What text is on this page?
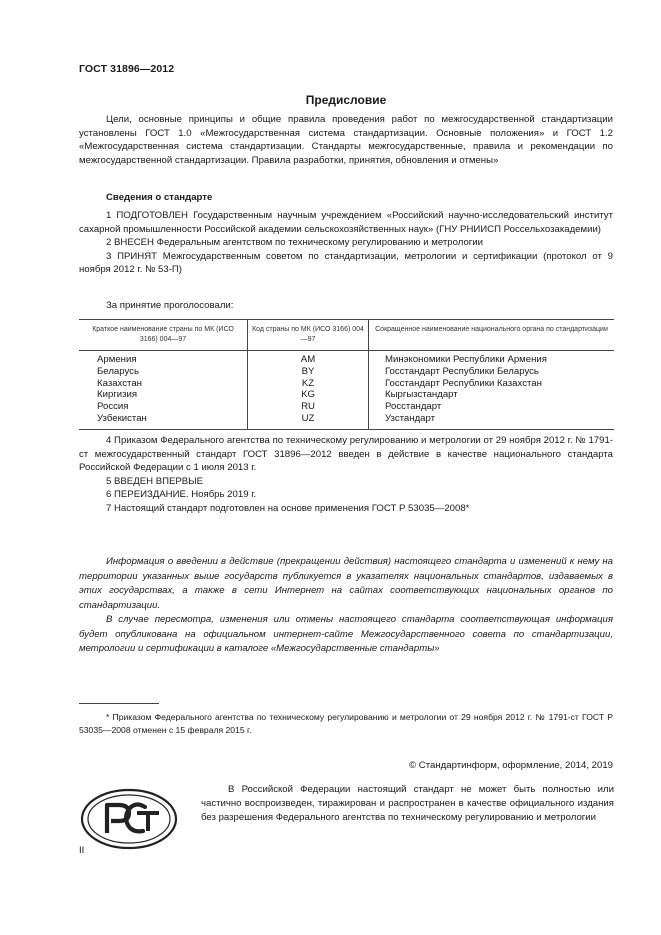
ГОСТ 31896—2012
Предисловие

Цели, основные принципы и общие правила проведения работ по межгосударственной стандартизации установлены ГОСТ 1.0 «Межгосударственная система стандартизации. Основные положения» и ГОСТ 1.2 «Межгосударственная система стандартизации. Стандарты межгосударственные, правила и рекомендации по межгосударственной стандартизации. Правила разработки, принятия, обновления и отмены»

Сведения о стандарте

1 ПОДГОТОВЛЕН Государственным научным учреждением «Российский научно-исследовательский институт сахарной промышленности Российской академии сельскохозяйственных наук» (ГНУ РНИИСП Россельхозакадемии)

2 ВНЕСЕН Федеральным агентством по техническому регулированию и метрологии

3 ПРИНЯТ Межгосударственным советом по стандартизации, метрологии и сертификации (протокол от 9 ноября 2012 г. № 53-П)

За принятие проголосовали:
Краткое наименование страны по МК (ИСО 3166) 004—97	Код страны по МК (ИСО 3166) 004—97	Сокращенное наименование национального органа по стандартизации
Армения	AM	Минэкономики Республики Армения
Беларусь	BY	Госстандарт Республики Беларусь
Казахстан	KZ	Госстандарт Республики Казахстан
Киргизия	KG	Кыргызстандарт
Россия	RU	Росстандарт
Узбекистан	UZ	Узстандарт

4 Приказом Федерального агентства по техническому регулированию и метрологии от 29 ноября 2012 г. № 1791-ст межгосударственный стандарт ГОСТ 31896—2012 введен в действие в качестве национального стандарта Российской Федерации с 1 июля 2013 г.

5 ВВЕДЕН ВПЕРВЫЕ

6 ПЕРЕИЗДАНИЕ. Ноябрь 2019 г.

7 Настоящий стандарт подготовлен на основе применения ГОСТ Р 53035—2008*

Информация о введении в действие (прекращении действия) настоящего стандарта и изменений к нему на территории указанных выше государств публикуется в указателях национальных стандартов, издаваемых в этих государствах, а также в сети Интернет на сайтах соответствующих национальных органов по стандартизации.

В случае пересмотра, изменения или отмены настоящего стандарта соответствующая информация будет опубликована на официальном интернет-сайте Межгосударственного совета по стандартизации, метрологии и сертификации в каталоге «Межгосударственные стандарты»

* Приказом Федерального агентства по техническому регулированию и метрологии от 29 ноября 2012 г. № 1791-ст ГОСТ Р 53035—2008 отменен с 15 февраля 2015 г.

© Стандартинформ, оформление, 2014, 2019

В Российской Федерации настоящий стандарт не может быть полностью или частично воспроизведен, тиражирован и распространен в качестве официального издания без разрешения Федерального агентства по техническому регулированию и метрологии

II
